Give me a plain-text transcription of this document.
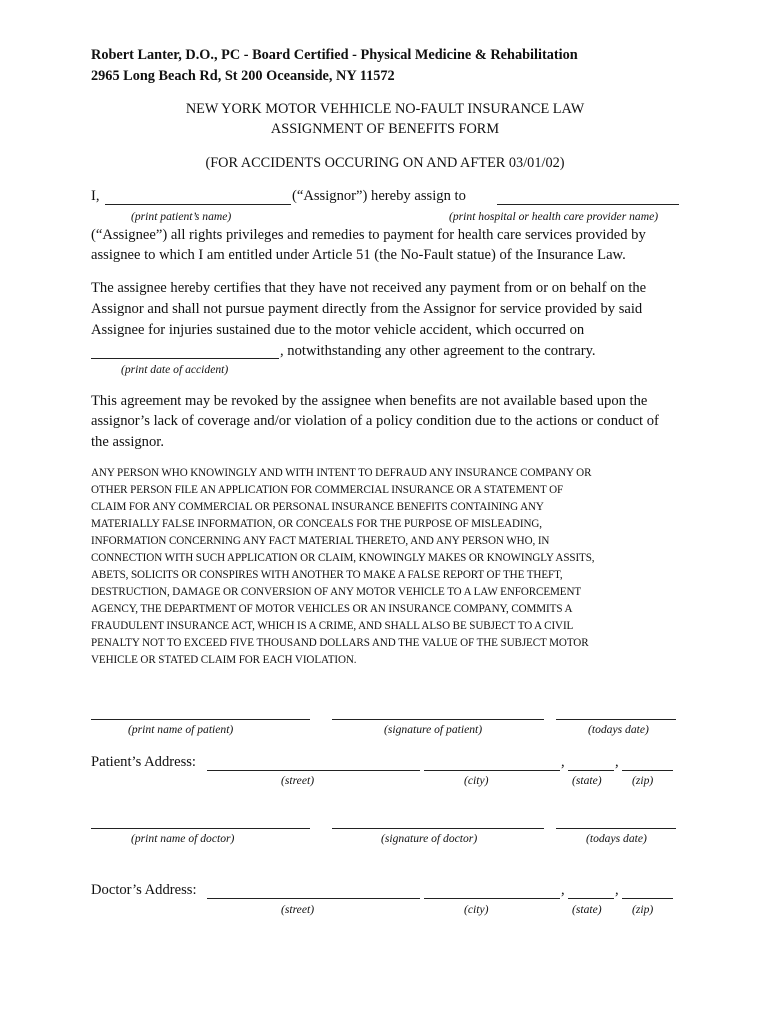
Robert Lanter, D.O., PC - Board Certified - Physical Medicine & Rehabilitation
2965 Long Beach Rd, St 200 Oceanside, NY 11572
NEW YORK MOTOR VEHHICLE NO-FAULT INSURANCE LAW
ASSIGNMENT OF BENEFITS FORM
(FOR ACCIDENTS OCCURING ON AND AFTER 03/01/02)
I,	(“Assignor”) hereby assign to
(print patient’s name)	(print hospital or health care provider name)
(“Assignee”) all rights privileges and remedies to payment for health care services provided by
assignee to which I am entitled under Article 51 (the No-Fault statue) of the Insurance Law.
The assignee hereby certifies that they have not received any payment from or on behalf on the
Assignor and shall not pursue payment directly from the Assignor for service provided by said
Assignee for injuries sustained due to the motor vehicle accident, which occurred on
, notwithstanding any other agreement to the contrary.
(print date of accident)
This agreement may be revoked by the assignee when benefits are not available based upon the
assignor’s lack of coverage and/or violation of a policy condition due to the actions or conduct of
the assignor.
ANY PERSON WHO KNOWINGLY AND WITH INTENT TO DEFRAUD ANY INSURANCE COMPANY OR
OTHER PERSON FILE AN APPLICATION FOR COMMERCIAL INSURANCE OR A STATEMENT OF
CLAIM FOR ANY COMMERCIAL OR PERSONAL INSURANCE BENEFITS CONTAINING ANY
MATERIALLY FALSE INFORMATION, OR CONCEALS FOR THE PURPOSE OF MISLEADING,
INFORMATION CONCERNING ANY FACT MATERIAL THERETO, AND ANY PERSON WHO, IN
CONNECTION WITH SUCH APPLICATION OR CLAIM, KNOWINGLY MAKES OR KNOWINGLY ASSITS,
ABETS, SOLICITS OR CONSPIRES WITH ANOTHER TO MAKE A FALSE REPORT OF THE THEFT,
DESTRUCTION, DAMAGE OR CONVERSION OF ANY MOTOR VEHICLE TO A LAW ENFORCEMENT
AGENCY, THE DEPARTMENT OF MOTOR VEHICLES OR AN INSURANCE COMPANY, COMMITS A
FRAUDULENT INSURANCE ACT, WHICH IS A CRIME, AND SHALL ALSO BE SUBJECT TO A CIVIL
PENALTY NOT TO EXCEED FIVE THOUSAND DOLLARS AND THE VALUE OF THE SUBJECT MOTOR
VEHICLE OR STATED CLAIM FOR EACH VIOLATION.
(print name of patient)	(signature of patient)	(todays date)
Patient’s Address:	,	,
(street)	(city)	(state)	(zip)
(print name of doctor)	(signature of doctor)	(todays date)
Doctor’s Address:	,	,
(street)	(city)	(state)	(zip)
